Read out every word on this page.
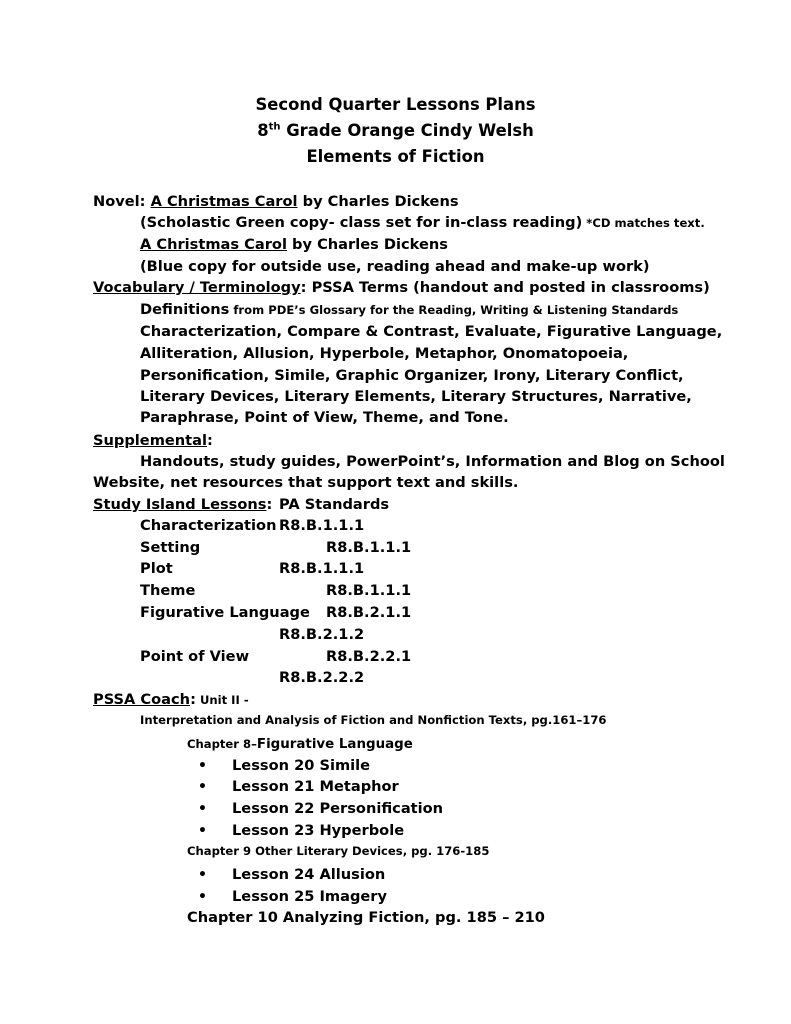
Second Quarter Lessons Plans
8th Grade Orange Cindy Welsh
Elements of Fiction
Novel: A Christmas Carol by Charles Dickens
(Scholastic Green copy- class set for in-class reading) *CD matches text.
A Christmas Carol by Charles Dickens
(Blue copy for outside use, reading ahead and make-up work)
Vocabulary / Terminology: PSSA Terms (handout and posted in classrooms)
Definitions from PDE’s Glossary for the Reading, Writing & Listening Standards
Characterization, Compare & Contrast, Evaluate, Figurative Language,
Alliteration, Allusion, Hyperbole, Metaphor, Onomatopoeia,
Personification, Simile, Graphic Organizer, Irony, Literary Conflict,
Literary Devices, Literary Elements, Literary Structures, Narrative,
Paraphrase, Point of View, Theme, and Tone.
Supplemental:
Handouts, study guides, PowerPoint’s, Information and Blog on School
Website, net resources that support text and skills.
Study Island Lessons: PA Standards
Characterization R8.B.1.1.1
Setting	R8.B.1.1.1
Plot	R8.B.1.1.1
Theme	R8.B.1.1.1
Figurative Language R8.B.2.1.1
R8.B.2.1.2
Point of View	R8.B.2.2.1
R8.B.2.2.2
PSSA Coach: Unit II -
Interpretation and Analysis of Fiction and Nonfiction Texts, pg.161–176
Chapter 8–Figurative Language
• Lesson 20 Simile
• Lesson 21 Metaphor
• Lesson 22 Personification
• Lesson 23 Hyperbole
Chapter 9 Other Literary Devices, pg. 176-185
• Lesson 24 Allusion
• Lesson 25 Imagery
Chapter 10 Analyzing Fiction, pg. 185 – 210
